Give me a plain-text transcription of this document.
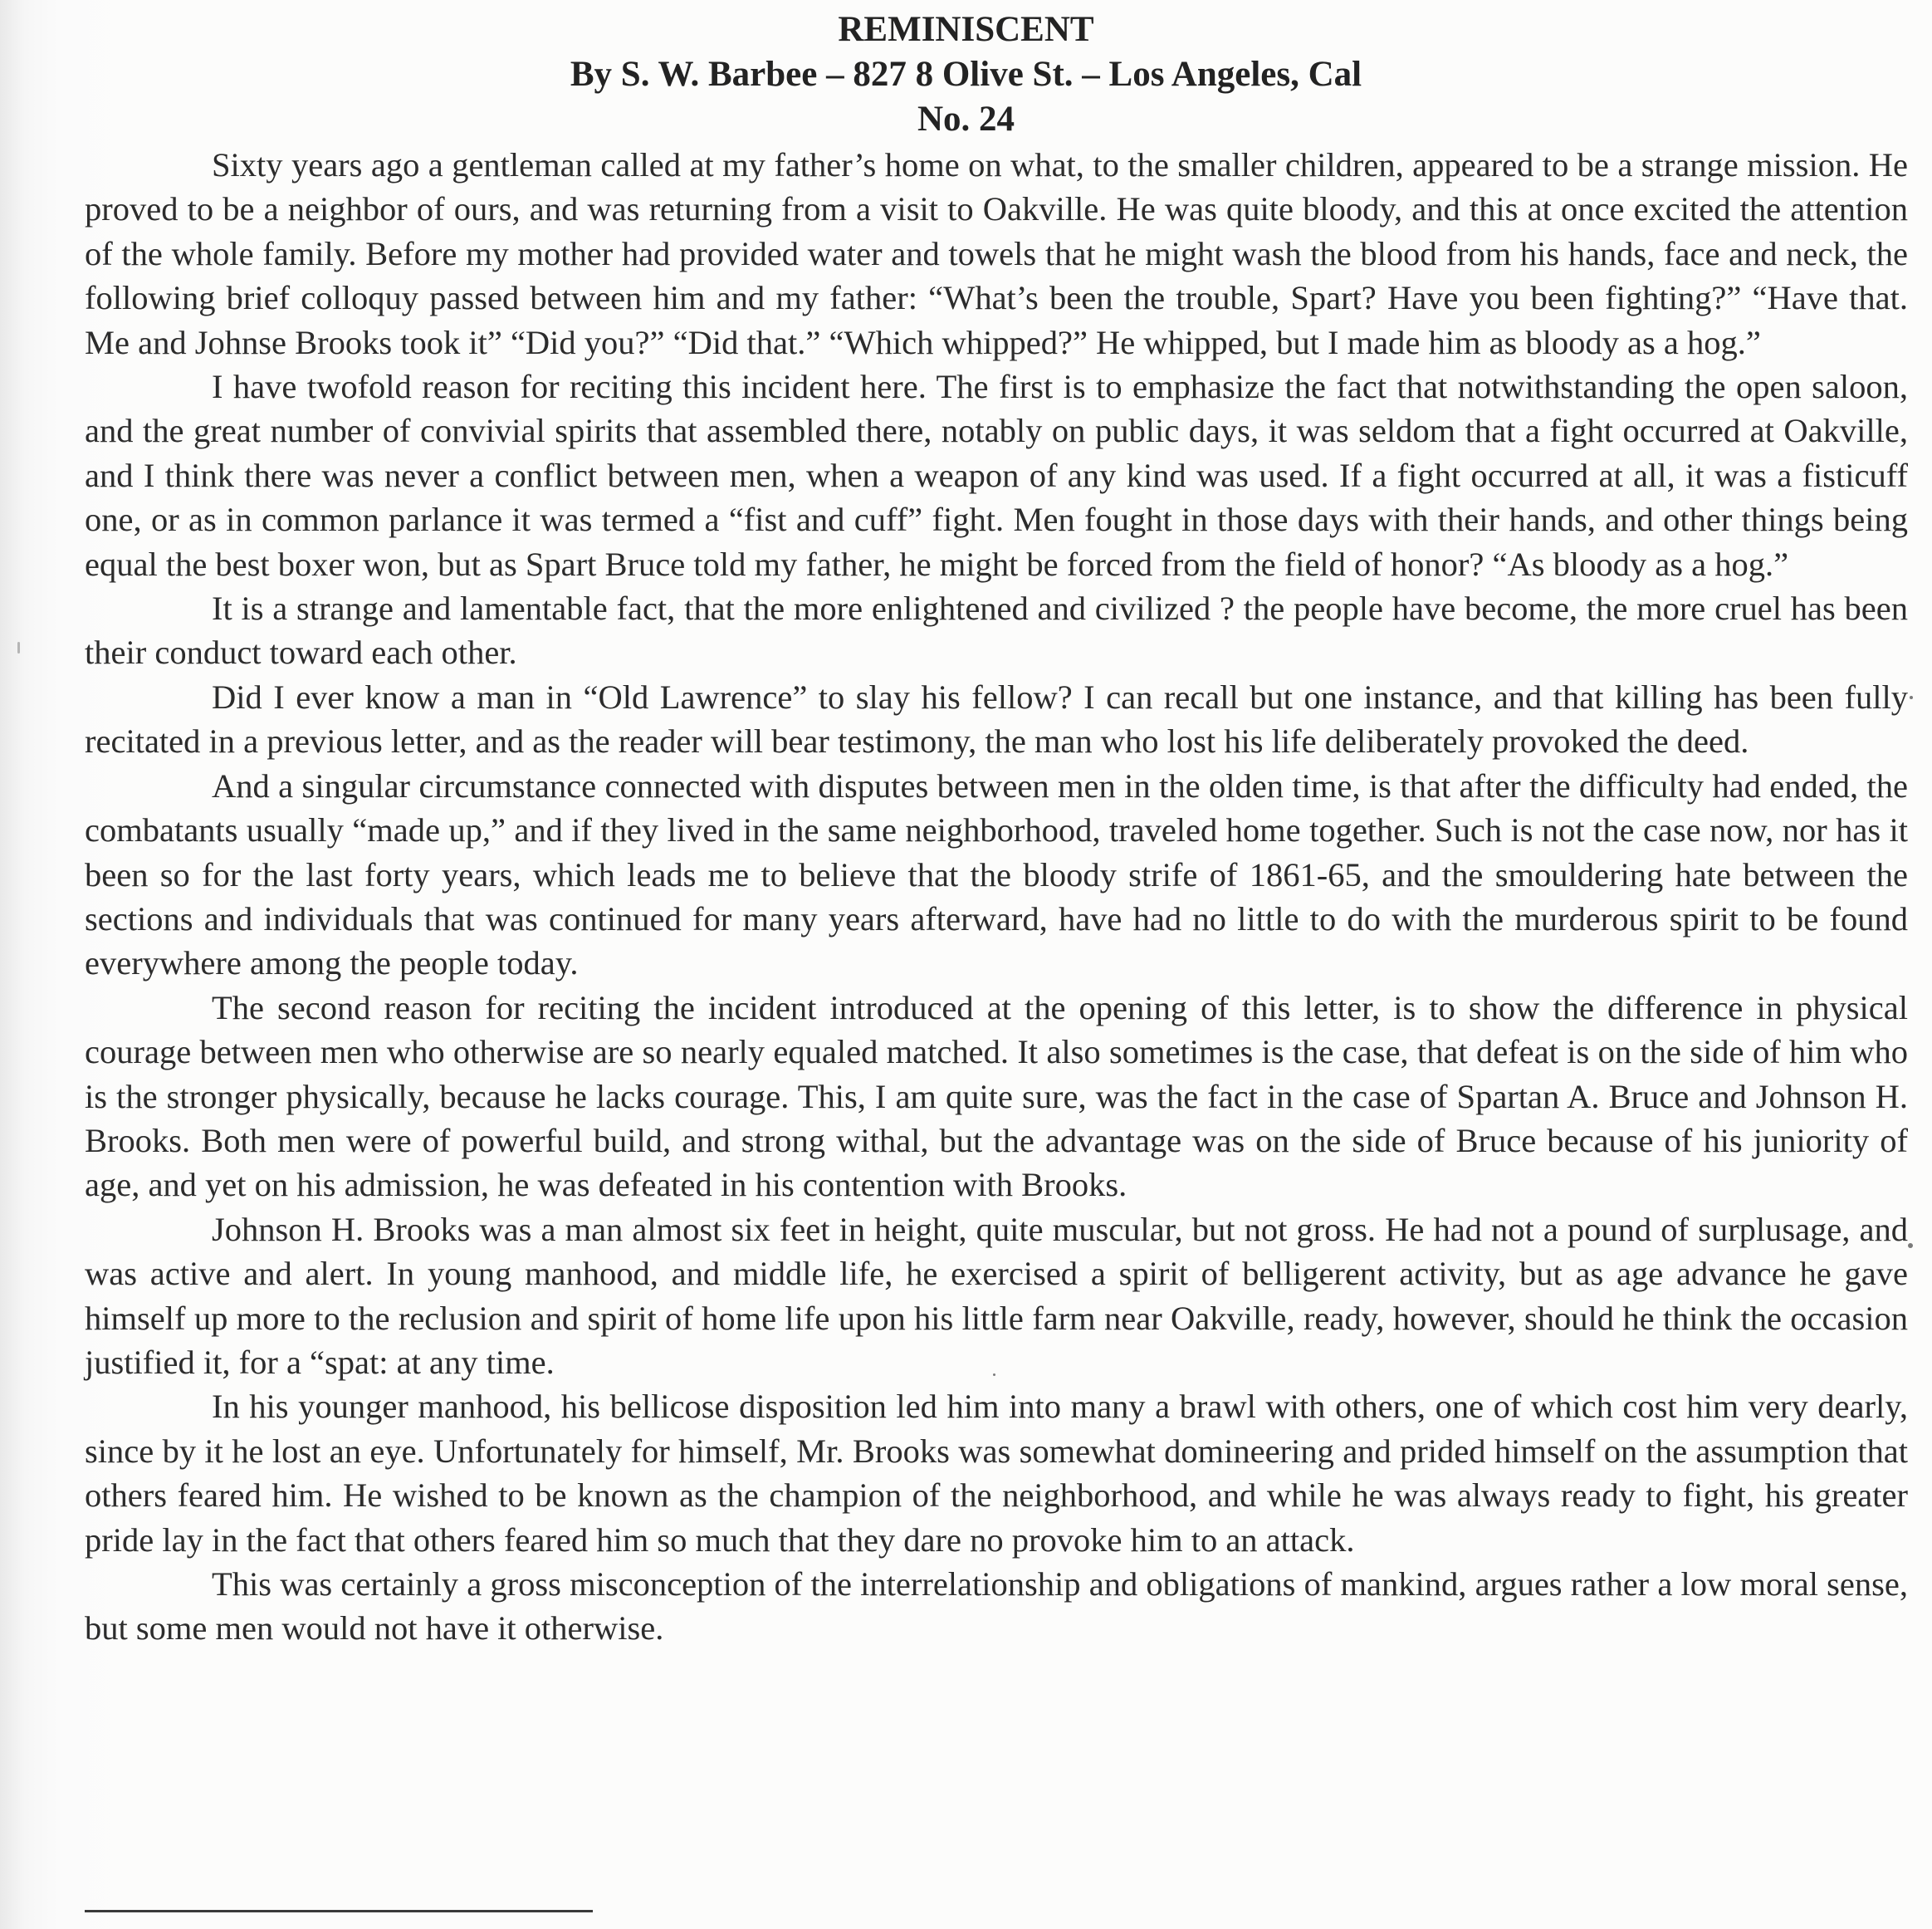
REMINISCENT
By S. W. Barbee – 827 8 Olive St. – Los Angeles, Cal
No. 24

Sixty years ago a gentleman called at my father’s home on what, to the smaller children, appeared to be a strange mission. He proved to be a neighbor of ours, and was returning from a visit to Oakville. He was quite bloody, and this at once excited the attention of the whole family. Before my mother had provided water and towels that he might wash the blood from his hands, face and neck, the following brief colloquy passed between him and my father: “What’s been the trouble, Spart? Have you been fighting?” “Have that. Me and Johnse Brooks took it” “Did you?” “Did that.” “Which whipped?” He whipped, but I made him as bloody as a hog.”

I have twofold reason for reciting this incident here. The first is to emphasize the fact that notwithstanding the open saloon, and the great number of convivial spirits that assembled there, notably on public days, it was seldom that a fight occurred at Oakville, and I think there was never a conflict between men, when a weapon of any kind was used. If a fight occurred at all, it was a fisticuff one, or as in common parlance it was termed a “fist and cuff” fight. Men fought in those days with their hands, and other things being equal the best boxer won, but as Spart Bruce told my father, he might be forced from the field of honor? “As bloody as a hog.”

It is a strange and lamentable fact, that the more enlightened and civilized ? the people have become, the more cruel has been their conduct toward each other.

Did I ever know a man in “Old Lawrence” to slay his fellow? I can recall but one instance, and that killing has been fully recitated in a previous letter, and as the reader will bear testimony, the man who lost his life deliberately provoked the deed.

And a singular circumstance connected with disputes between men in the olden time, is that after the difficulty had ended, the combatants usually “made up,” and if they lived in the same neighborhood, traveled home together. Such is not the case now, nor has it been so for the last forty years, which leads me to believe that the bloody strife of 1861-65, and the smouldering hate between the sections and individuals that was continued for many years afterward, have had no little to do with the murderous spirit to be found everywhere among the people today.

The second reason for reciting the incident introduced at the opening of this letter, is to show the difference in physical courage between men who otherwise are so nearly equaled matched. It also sometimes is the case, that defeat is on the side of him who is the stronger physically, because he lacks courage. This, I am quite sure, was the fact in the case of Spartan A. Bruce and Johnson H. Brooks. Both men were of powerful build, and strong withal, but the advantage was on the side of Bruce because of his juniority of age, and yet on his admission, he was defeated in his contention with Brooks.

Johnson H. Brooks was a man almost six feet in height, quite muscular, but not gross. He had not a pound of surplusage, and was active and alert. In young manhood, and middle life, he exercised a spirit of belligerent activity, but as age advance he gave himself up more to the reclusion and spirit of home life upon his little farm near Oakville, ready, however, should he think the occasion justified it, for a “spat: at any time.

In his younger manhood, his bellicose disposition led him into many a brawl with others, one of which cost him very dearly, since by it he lost an eye. Unfortunately for himself, Mr. Brooks was somewhat domineering and prided himself on the assumption that others feared him. He wished to be known as the champion of the neighborhood, and while he was always ready to fight, his greater pride lay in the fact that others feared him so much that they dare no provoke him to an attack.

This was certainly a gross misconception of the interrelationship and obligations of mankind, argues rather a low moral sense, but some men would not have it otherwise.
